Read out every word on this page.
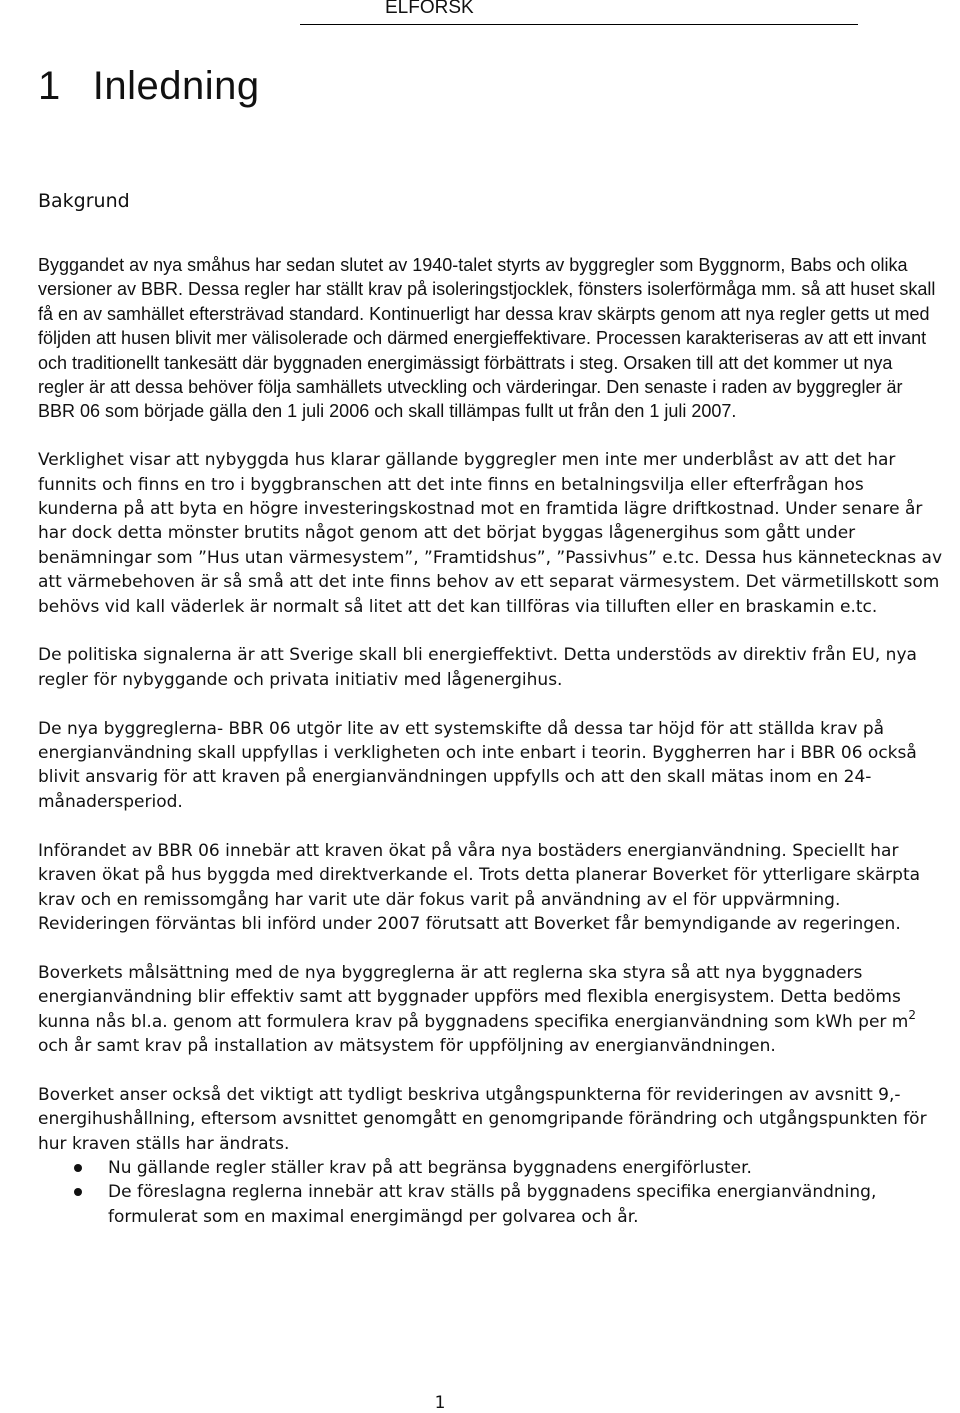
ELFORSK
1 Inledning
Bakgrund

Byggandet av nya småhus har sedan slutet av 1940-talet styrts av byggregler som Byggnorm, Babs och olika versioner av BBR. Dessa regler har ställt krav på isoleringstjocklek, fönsters isolerförmåga mm. så att huset skall få en av samhället eftersträvad standard. Kontinuerligt har dessa krav skärpts genom att nya regler getts ut med följden att husen blivit mer välisolerade och därmed energieffektivare. Processen karakteriseras av att ett invant och traditionellt tankesätt där byggnaden energimässigt förbättrats i steg. Orsaken till att det kommer ut nya regler är att dessa behöver följa samhällets utveckling och värderingar. Den senaste i raden av byggregler är BBR 06 som började gälla den 1 juli 2006 och skall tillämpas fullt ut från den 1 juli 2007.

Verklighet visar att nybyggda hus klarar gällande byggregler men inte mer underblåst av att det har funnits och finns en tro i byggbranschen att det inte finns en betalningsvilja eller efterfrågan hos kunderna på att byta en högre investeringskostnad mot en framtida lägre driftkostnad. Under senare år har dock detta mönster brutits något genom att det börjat byggas lågenergihus som gått under benämningar som ”Hus utan värmesystem”, ”Framtidshus”, ”Passivhus” e.tc. Dessa hus kännetecknas av att värmebehoven är så små att det inte finns behov av ett separat värmesystem. Det värmetillskott som behövs vid kall väderlek är normalt så litet att det kan tillföras via tilluften eller en braskamin e.tc.

De politiska signalerna är att Sverige skall bli energieffektivt. Detta understöds av direktiv från EU, nya regler för nybyggande och privata initiativ med lågenergihus.

De nya byggreglerna- BBR 06 utgör lite av ett systemskifte då dessa tar höjd för att ställda krav på energianvändning skall uppfyllas i verkligheten och inte enbart i teorin. Byggherren har i BBR 06 också blivit ansvarig för att kraven på energianvändningen uppfylls och att den skall mätas inom en 24- månadersperiod.

Införandet av BBR 06 innebär att kraven ökat på våra nya bostäders energianvändning. Speciellt har kraven ökat på hus byggda med direktverkande el. Trots detta planerar Boverket för ytterligare skärpta krav och en remissomgång har varit ute där fokus varit på användning av el för uppvärmning. Revideringen förväntas bli införd under 2007 förutsatt att Boverket får bemyndigande av regeringen.

Boverkets målsättning med de nya byggreglerna är att reglerna ska styra så att nya byggnaders energianvändning blir effektiv samt att byggnader uppförs med flexibla energisystem. Detta bedöms kunna nås bl.a. genom att formulera krav på byggnadens specifika energianvändning som kWh per $m^2$ och år samt krav på installation av mätsystem för uppföljning av energianvändningen.

Boverket anser också det viktigt att tydligt beskriva utgångspunkterna för revideringen av avsnitt 9,- energihushållning, eftersom avsnittet genomgått en genomgripande förändring och utgångspunkten för hur kraven ställs har ändrats.

Nu gällande regler ställer krav på att begränsa byggnadens energiförluster.
De föreslagna reglerna innebär att krav ställs på byggnadens specifika energianvändning, formulerat som en maximal energimängd per golvarea och år.
1
